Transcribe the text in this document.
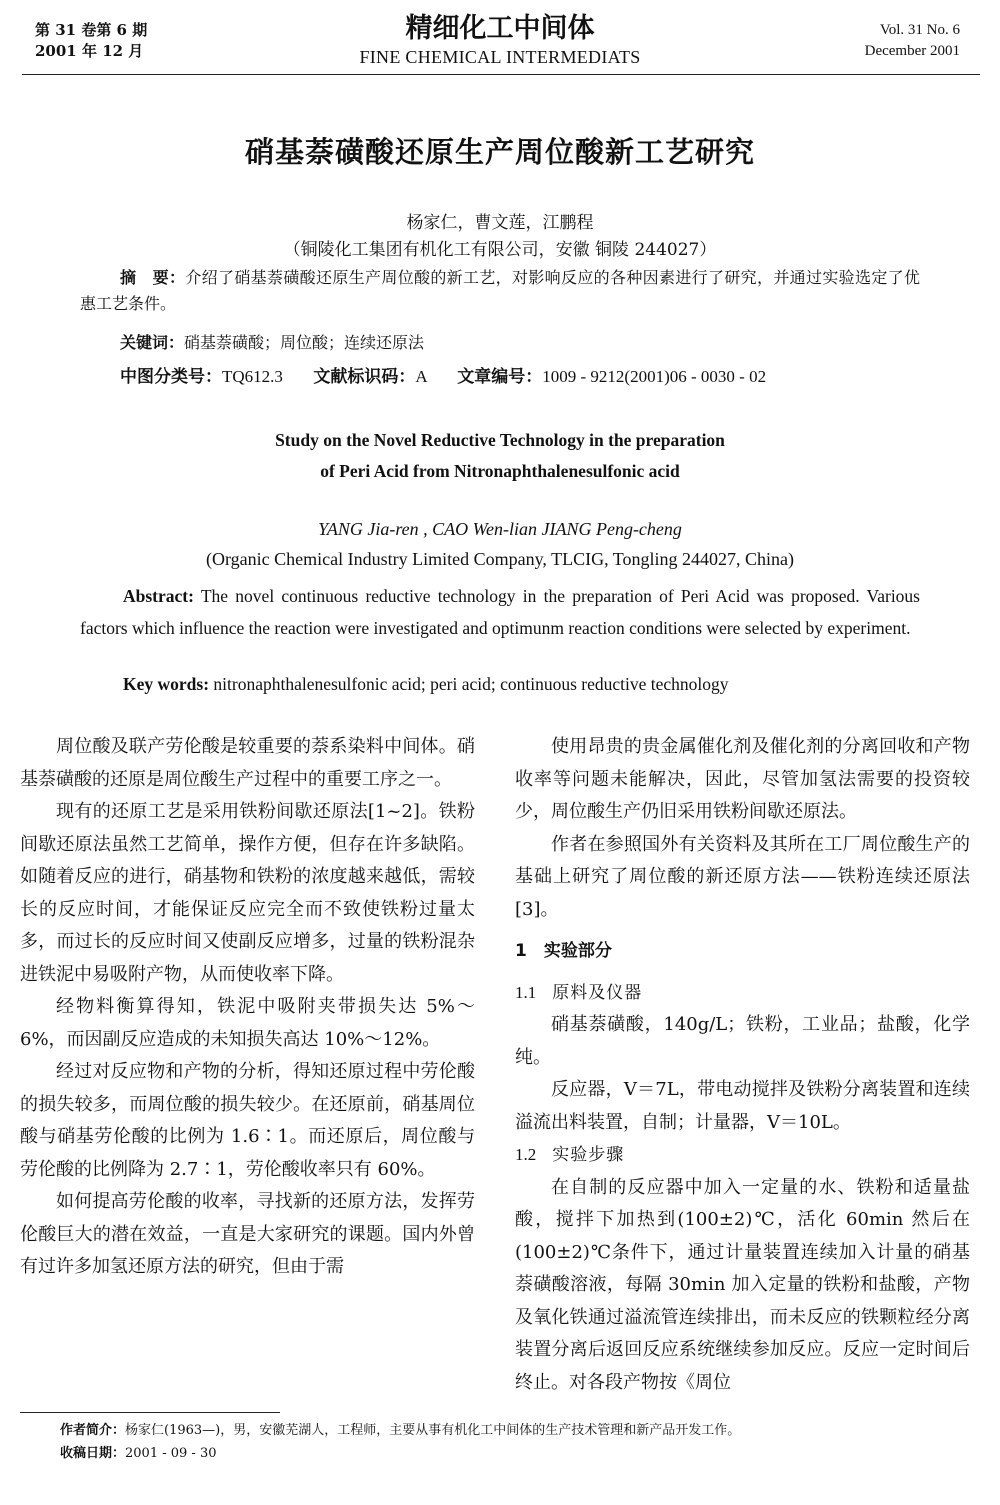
第 31 卷第 6 期
2001 年 12 月
精细化工中间体
FINE CHEMICAL INTERMEDIATS
Vol. 31 No. 6
December 2001
硝基萘磺酸还原生产周位酸新工艺研究
杨家仁，曹文莲，江鹏程
（铜陵化工集团有机化工有限公司，安徽 铜陵 244027）
摘　要：介绍了硝基萘磺酸还原生产周位酸的新工艺，对影响反应的各种因素进行了研究，并通过实验选定了优惠工艺条件。
关键词：硝基萘磺酸；周位酸；连续还原法
中图分类号：TQ612.3 文献标识码：A 文章编号：1009 - 9212(2001)06 - 0030 - 02
Study on the Novel Reductive Technology in the preparation
of Peri Acid from Nitronaphthalenesulfonic acid
YANG Jia-ren , CAO Wen-lian JIANG Peng-cheng
(Organic Chemical Industry Limited Company, TLCIG, Tongling 244027, China)
Abstract: The novel continuous reductive technology in the preparation of Peri Acid was proposed. Various factors which influence the reaction were investigated and optimunm reaction conditions were selected by experiment.
Key words: nitronaphthalenesulfonic acid; peri acid; continuous reductive technology

周位酸及联产劳伦酸是较重要的萘系染料中间体。硝基萘磺酸的还原是周位酸生产过程中的重要工序之一。

现有的还原工艺是采用铁粉间歇还原法[1~2]。铁粉间歇还原法虽然工艺简单，操作方便，但存在许多缺陷。如随着反应的进行，硝基物和铁粉的浓度越来越低，需较长的反应时间，才能保证反应完全而不致使铁粉过量太多，而过长的反应时间又使副反应增多，过量的铁粉混杂进铁泥中易吸附产物，从而使收率下降。

经物料衡算得知，铁泥中吸附夹带损失达 5%～6%，而因副反应造成的未知损失高达 10%～12%。

经过对反应物和产物的分析，得知还原过程中劳伦酸的损失较多，而周位酸的损失较少。在还原前，硝基周位酸与硝基劳伦酸的比例为 1.6∶1。而还原后，周位酸与劳伦酸的比例降为 2.7∶1，劳伦酸收率只有 60%。

如何提高劳伦酸的收率，寻找新的还原方法，发挥劳伦酸巨大的潜在效益，一直是大家研究的课题。国内外曾有过许多加氢还原方法的研究，但由于需

使用昂贵的贵金属催化剂及催化剂的分离回收和产物收率等问题未能解决，因此，尽管加氢法需要的投资较少，周位酸生产仍旧采用铁粉间歇还原法。

作者在参照国外有关资料及其所在工厂周位酸生产的基础上研究了周位酸的新还原方法——铁粉连续还原法[3]。

1　实验部分

1.1 原料及仪器

硝基萘磺酸，140g/L；铁粉，工业品；盐酸，化学纯。

反应器，V＝7L，带电动搅拌及铁粉分离装置和连续溢流出料装置，自制；计量器，V＝10L。

1.2 实验步骤

在自制的反应器中加入一定量的水、铁粉和适量盐酸，搅拌下加热到(100±2)℃，活化 60min 然后在(100±2)℃条件下，通过计量装置连续加入计量的硝基萘磺酸溶液，每隔 30min 加入定量的铁粉和盐酸，产物及氧化铁通过溢流管连续排出，而未反应的铁颗粒经分离装置分离后返回反应系统继续参加反应。反应一定时间后终止。对各段产物按《周位

作者简介：杨家仁(1963—)，男，安徽芜湖人，工程师，主要从事有机化工中间体的生产技术管理和新产品开发工作。
收稿日期：2001 - 09 - 30
